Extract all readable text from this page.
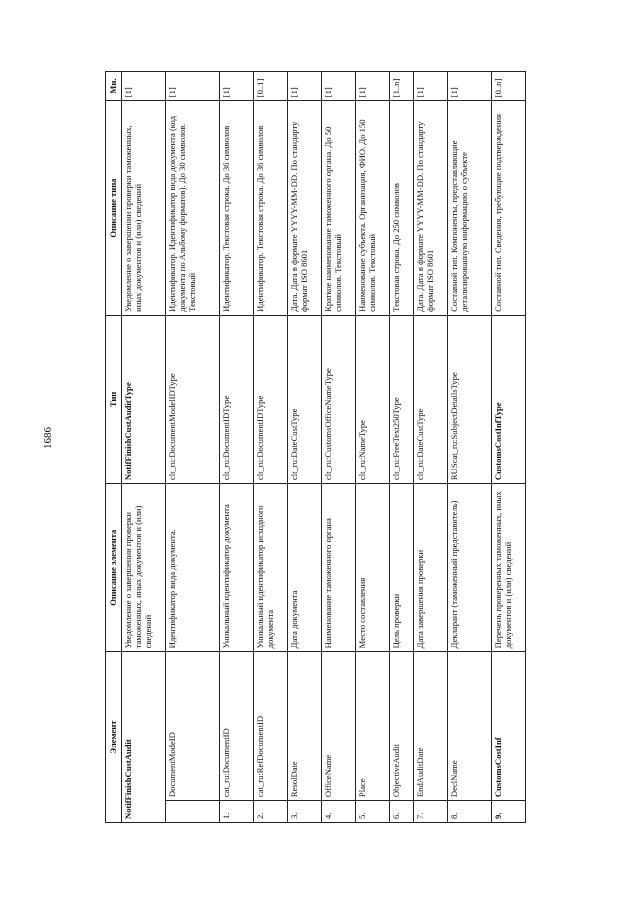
1686
Элемент		Описание элемента	Тип	Описание типа	Мн.
NotifFinishCustAudit		Уведомление о завершении проверки таможенных, иных документов и (или) сведений	NotifFinishCustAuditType	Уведомление о завершении проверки таможенных, иных документов и (или) сведений	[1]
	DocumentModeID	Идентификатор вида документа.	clt_ru:DocumentModelIDType	Идентификатор. Идентификатор вида документа (код документа по Альбому форматов). До 30 символов. Текстовый	[1]
1.	cat_ru:DocumentID	Уникальный идентификатор документа	clt_ru:DocumentIDType	Идентификатор. Текстовая строка. До 36 символов	[1]
2.	cat_ru:RefDocumentID	Уникальный идентификатор исходного документа	clt_ru:DocumentIDType	Идентификатор. Текстовая строка. До 36 символов	[0..1]
3.	ResolDate	Дата документа	clt_ru:DateCustType	Дата. Дата в формате YYYY-MM-DD. По стандарту формат ISO 8601	[1]
4.	OfficeName	Наименование таможенного органа	clt_ru:CustomsOfficeNameType	Краткое наименование таможенного органа. До 50 символов. Текстовый	[1]
5.	Place	Место составления	clt_ru:NameType	Наименование субъекта. Организация, ФИО. До 150 символов. Текстовый	[1]
6.	ObjectiveAudit	Цель проверки	clt_ru:FreeText250Type	Текстовая строка. До 250 символов	[1..n]
7.	EndAuditDate	Дата завершения проверки	clt_ru:DateCustType	Дата. Дата в формате YYYY-MM-DD. По стандарту формат ISO 8601	[1]
8.	DeclName	Декларант (таможенный представитель)	RUScat_ru:SubjectDetailsType	Составной тип. Компоненты, представляющие детализированную информацию о субъекте	[1]
9.	CustomsCostInf	Перечень проверенных таможенных, иных документов и (или) сведений	CustomsCostInfType	Составной тип. Сведения, требующие подтверждения	[0..n]
